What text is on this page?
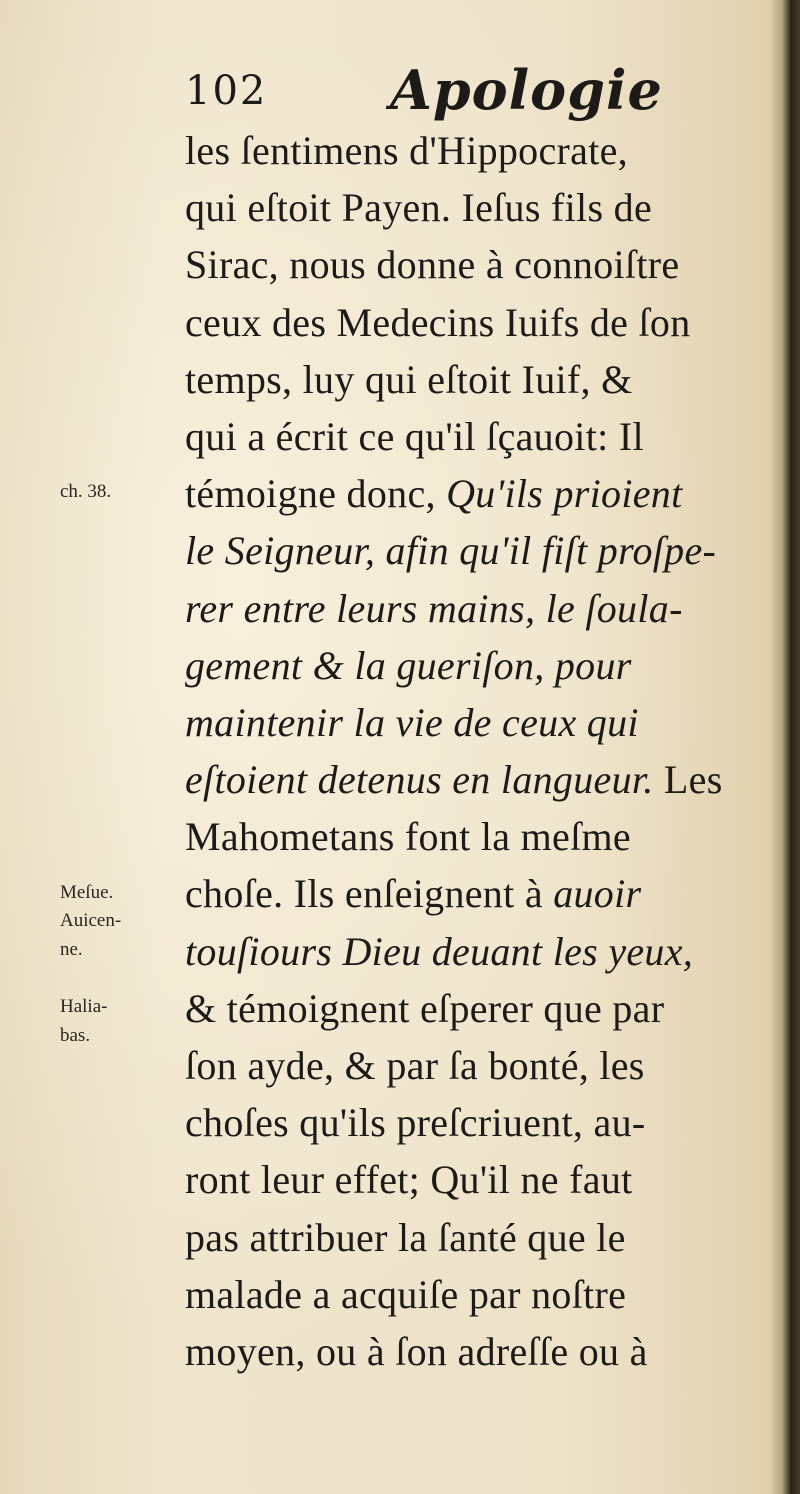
102 Apologie
les ſentimens d'Hippocrate,
qui eſtoit Payen. Ieſus fils de
Sirac, nous donne à connoiſtre
ceux des Medecins Iuifs de ſon
temps, luy qui eſtoit Iuif, &
qui a écrit ce qu'il ſçauoit: Il
témoigne donc, Qu'ils prioient
le Seigneur, afin qu'il fiſt proſpe-
rer entre leurs mains, le ſoula-
gement & la gueriſon, pour
maintenir la vie de ceux qui
eſtoient detenus en langueur. Les
Mahometans font la meſme
choſe. Ils enſeignent à auoir
touſiours Dieu deuant les yeux,
& témoignent eſperer que par
ſon ayde, & par ſa bonté, les
choſes qu'ils preſcriuent, au-
ront leur effet; Qu'il ne faut
pas attribuer la ſanté que le
malade a acquiſe par noſtre
moyen, ou à ſon adreſſe ou à
ch. 38.
Meſue.
Auicen-
ne.
Halia-
bas.
